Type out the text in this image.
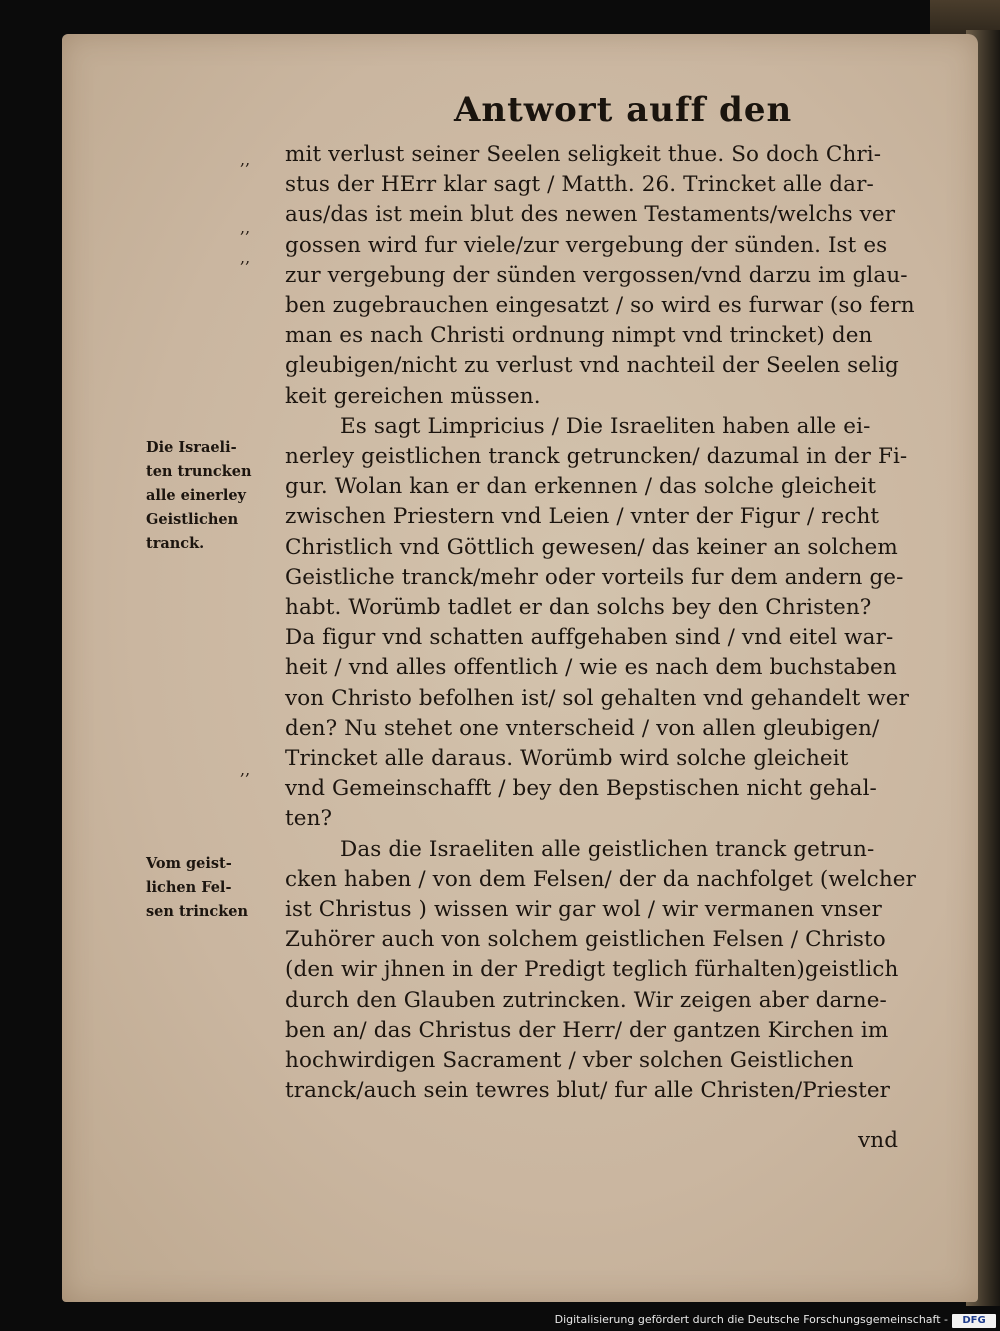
Antwort auff den
mit verlust seiner Seelen seligkeit thue. So doch Chri-
stus der HErr klar sagt / Matth. 26. Trincket alle dar-
aus/das ist mein blut des newen Testaments/welchs ver
gossen wird fur viele/zur vergebung der sünden. Ist es
zur vergebung der sünden vergossen/vnd darzu im glau-
ben zugebrauchen eingesatzt / so wird es furwar (so fern
man es nach Christi ordnung nimpt vnd trincket) den
gleubigen/nicht zu verlust vnd nachteil der Seelen selig
keit gereichen müssen.
Es sagt Limpricius / Die Israeliten haben alle ei-
nerley geistlichen tranck getruncken/ dazumal in der Fi-
gur. Wolan kan er dan erkennen / das solche gleicheit
zwischen Priestern vnd Leien / vnter der Figur / recht
Christlich vnd Göttlich gewesen/ das keiner an solchem
Geistliche tranck/mehr oder vorteils fur dem andern ge-
habt. Worümb tadlet er dan solchs bey den Christen?
Da figur vnd schatten auffgehaben sind / vnd eitel war-
heit / vnd alles offentlich / wie es nach dem buchstaben
von Christo befolhen ist/ sol gehalten vnd gehandelt wer
den? Nu stehet one vnterscheid / von allen gleubigen/
Trincket alle daraus. Worümb wird solche gleicheit
vnd Gemeinschafft / bey den Bepstischen nicht gehal-
ten?
Das die Israeliten alle geistlichen tranck getrun-
cken haben / von dem Felsen/ der da nachfolget (welcher
ist Christus ) wissen wir gar wol / wir vermanen vnser
Zuhörer auch von solchem geistlichen Felsen / Christo
(den wir jhnen in der Predigt teglich fürhalten)geistlich
durch den Glauben zutrincken. Wir zeigen aber darne-
ben an/ das Christus der Herr/ der gantzen Kirchen im
hochwirdigen Sacrament / vber solchen Geistlichen
tranck/auch sein tewres blut/ fur alle Christen/Priester
,,
,,
,,
,,
Die Israeli-
ten truncken
alle einerley
Geistlichen
tranck.
Vom geist-
lichen Fel-
sen trincken
vnd
Digitalisierung gefördert durch die Deutsche Forschungsgemeinschaft -	DFG
